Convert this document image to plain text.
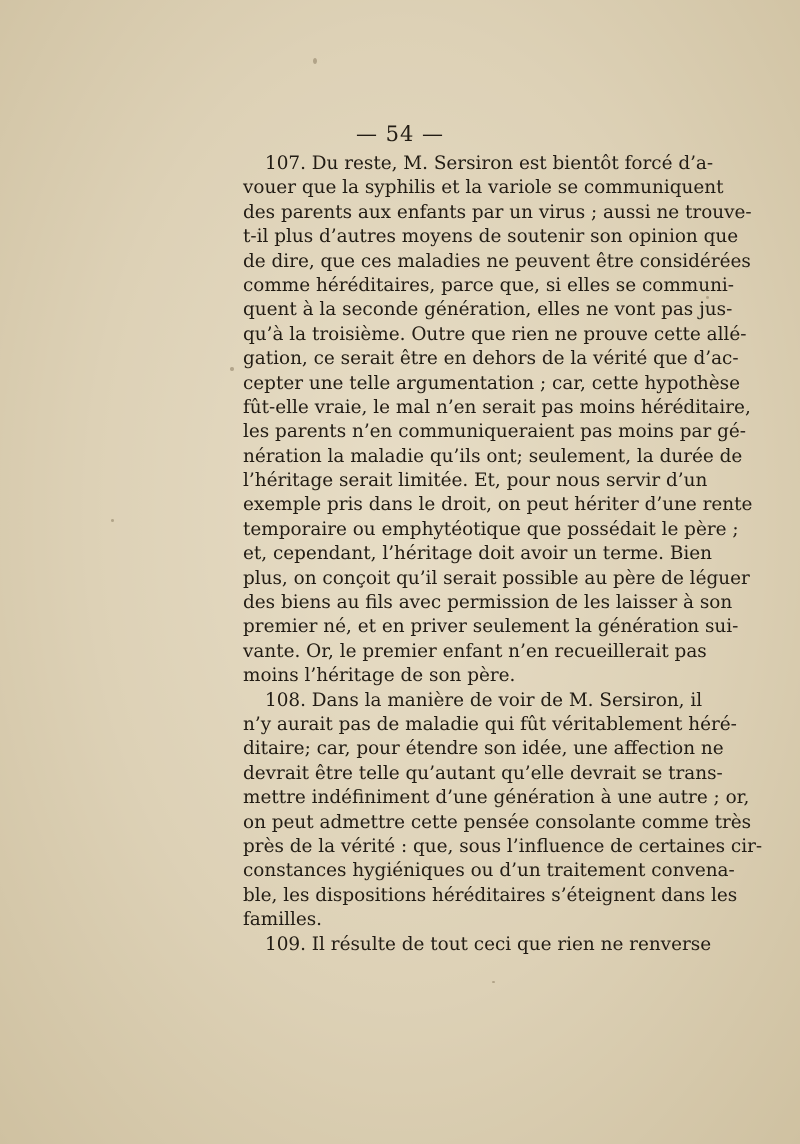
— 54 —
107. Du reste, M. Sersiron est bientôt forcé d’a-
vouer que la syphilis et la variole se communiquent
des parents aux enfants par un virus ; aussi ne trouve-
t-il plus d’autres moyens de soutenir son opinion que
de dire, que ces maladies ne peuvent être considérées
comme héréditaires, parce que, si elles se communi-
quent à la seconde génération, elles ne vont pas jus-
qu’à la troisième. Outre que rien ne prouve cette allé-
gation, ce serait être en dehors de la vérité que d’ac-
cepter une telle argumentation ; car, cette hypothèse
fût-elle vraie, le mal n’en serait pas moins héréditaire,
les parents n’en communiqueraient pas moins par gé-
nération la maladie qu’ils ont; seulement, la durée de
l’héritage serait limitée. Et, pour nous servir d’un
exemple pris dans le droit, on peut hériter d’une rente
temporaire ou emphytéotique que possédait le père ;
et, cependant, l’héritage doit avoir un terme. Bien
plus, on conçoit qu’il serait possible au père de léguer
des biens au fils avec permission de les laisser à son
premier né, et en priver seulement la génération sui-
vante. Or, le premier enfant n’en recueillerait pas
moins l’héritage de son père.
108. Dans la manière de voir de M. Sersiron, il
n’y aurait pas de maladie qui fût véritablement héré-
ditaire; car, pour étendre son idée, une affection ne
devrait être telle qu’autant qu’elle devrait se trans-
mettre indéfiniment d’une génération à une autre ; or,
on peut admettre cette pensée consolante comme très
près de la vérité : que, sous l’influence de certaines cir-
constances hygiéniques ou d’un traitement convena-
ble, les dispositions héréditaires s’éteignent dans les
familles.
109. Il résulte de tout ceci que rien ne renverse
